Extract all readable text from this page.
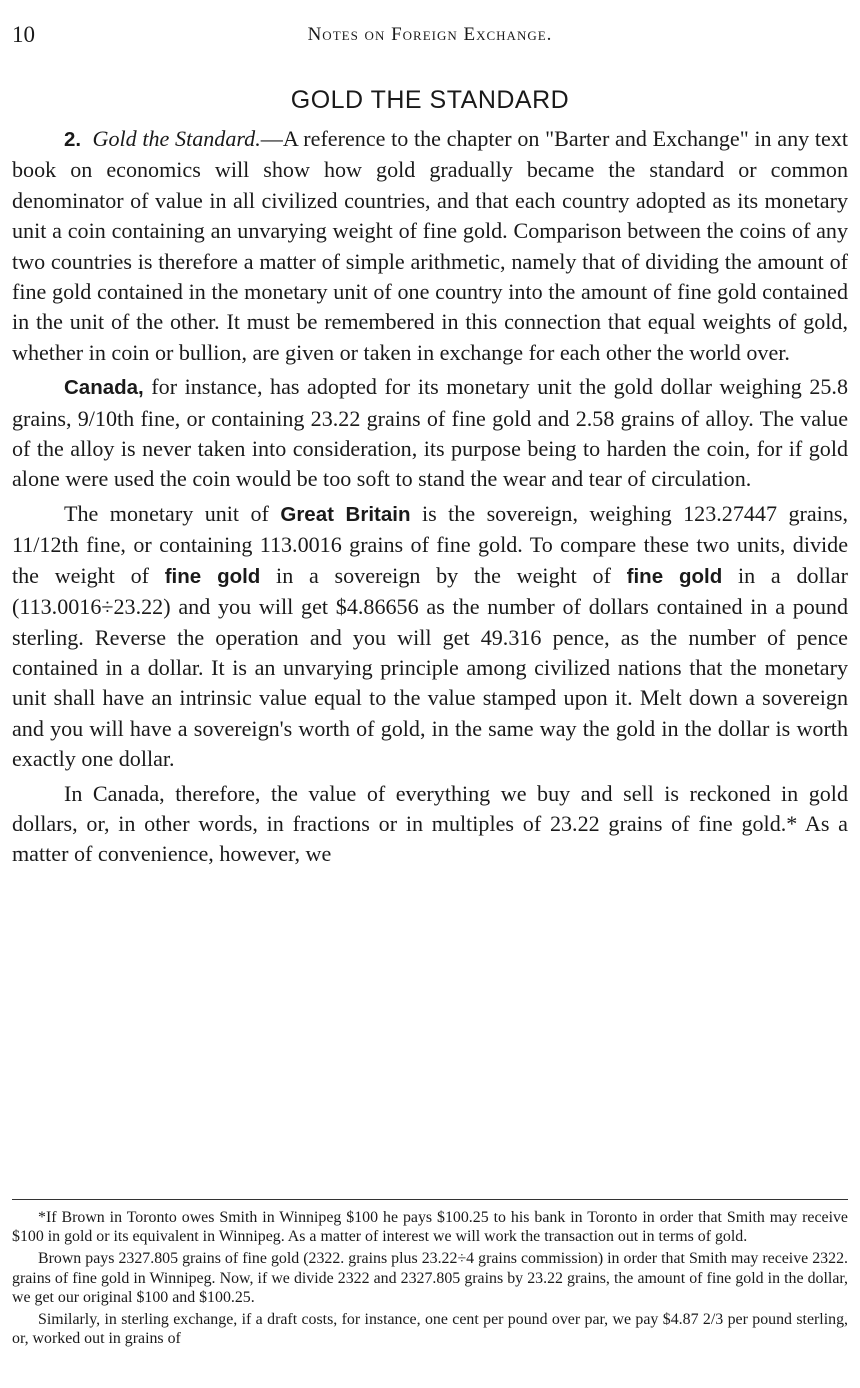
10	Notes on Foreign Exchange.
GOLD THE STANDARD

2. Gold the Standard.—A reference to the chapter on "Barter and Exchange" in any text book on economics will show how gold gradually became the standard or common denominator of value in all civilized countries, and that each country adopted as its monetary unit a coin containing an unvarying weight of fine gold. Comparison between the coins of any two countries is therefore a matter of simple arithmetic, namely that of dividing the amount of fine gold contained in the monetary unit of one country into the amount of fine gold contained in the unit of the other. It must be remembered in this connection that equal weights of gold, whether in coin or bullion, are given or taken in exchange for each other the world over.

Canada, for instance, has adopted for its monetary unit the gold dollar weighing 25.8 grains, 9/10th fine, or containing 23.22 grains of fine gold and 2.58 grains of alloy. The value of the alloy is never taken into consideration, its purpose being to harden the coin, for if gold alone were used the coin would be too soft to stand the wear and tear of circulation.

The monetary unit of Great Britain is the sovereign, weighing 123.27447 grains, 11/12th fine, or containing 113.0016 grains of fine gold. To compare these two units, divide the weight of fine gold in a sovereign by the weight of fine gold in a dollar (113.0016÷23.22) and you will get $4.86656 as the number of dollars contained in a pound sterling. Reverse the operation and you will get 49.316 pence, as the number of pence contained in a dollar. It is an unvarying principle among civilized nations that the monetary unit shall have an intrinsic value equal to the value stamped upon it. Melt down a sovereign and you will have a sovereign's worth of gold, in the same way the gold in the dollar is worth exactly one dollar.

In Canada, therefore, the value of everything we buy and sell is reckoned in gold dollars, or, in other words, in fractions or in multiples of 23.22 grains of fine gold.* As a matter of convenience, however, we

*If Brown in Toronto owes Smith in Winnipeg $100 he pays $100.25 to his bank in Toronto in order that Smith may receive $100 in gold or its equivalent in Winnipeg. As a matter of interest we will work the transaction out in terms of gold.

Brown pays 2327.805 grains of fine gold (2322. grains plus 23.22÷4 grains commission) in order that Smith may receive 2322. grains of fine gold in Winnipeg. Now, if we divide 2322 and 2327.805 grains by 23.22 grains, the amount of fine gold in the dollar, we get our original $100 and $100.25.

Similarly, in sterling exchange, if a draft costs, for instance, one cent per pound over par, we pay $4.87 2/3 per pound sterling, or, worked out in grains of
